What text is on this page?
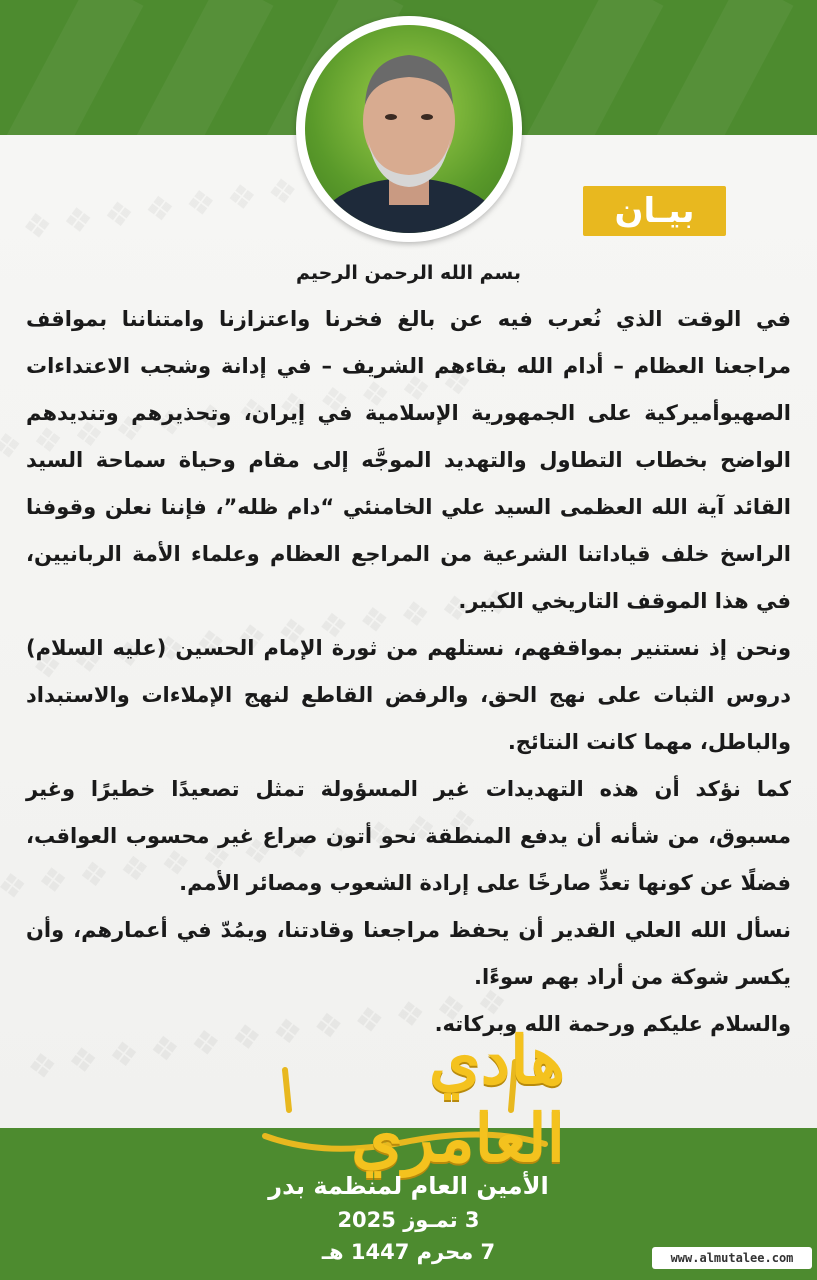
بيـان
بسم الله الرحمن الرحيم

في الوقت الذي نُعرب فيه عن بالغ فخرنا واعتزازنا وامتناننا بمواقف مراجعنا العظام – أدام الله بقاءهم الشريف – في إدانة وشجب الاعتداءات الصهيوأميركية على الجمهورية الإسلامية في إيران، وتحذيرهم وتنديدهم الواضح بخطاب التطاول والتهديد الموجَّه إلى مقام وحياة سماحة السيد القائد آية الله العظمى السيد علي الخامنئي “دام ظله”، فإننا نعلن وقوفنا الراسخ خلف قياداتنا الشرعية من المراجع العظام وعلماء الأمة الربانيين، في هذا الموقف التاريخي الكبير.

ونحن إذ نستنير بمواقفهم، نستلهم من ثورة الإمام الحسين (عليه السلام) دروس الثبات على نهج الحق، والرفض القاطع لنهج الإملاءات والاستبداد والباطل، مهما كانت النتائج.

كما نؤكد أن هذه التهديدات غير المسؤولة تمثل تصعيدًا خطيرًا وغير مسبوق، من شأنه أن يدفع المنطقة نحو أتون صراع غير محسوب العواقب، فضلًا عن كونها تعدٍّ صارخًا على إرادة الشعوب ومصائر الأمم.

نسأل الله العلي القدير أن يحفظ مراجعنا وقادتنا، ويمُدّ في أعمارهم، وأن يكسر شوكة من أراد بهم سوءًا.

والسلام عليكم ورحمة الله وبركاته.

هادي العامري
الأمين العام لمنظمة بدر
3 تمـوز 2025
7 محرم 1447 هـ	www.almutalee.com
